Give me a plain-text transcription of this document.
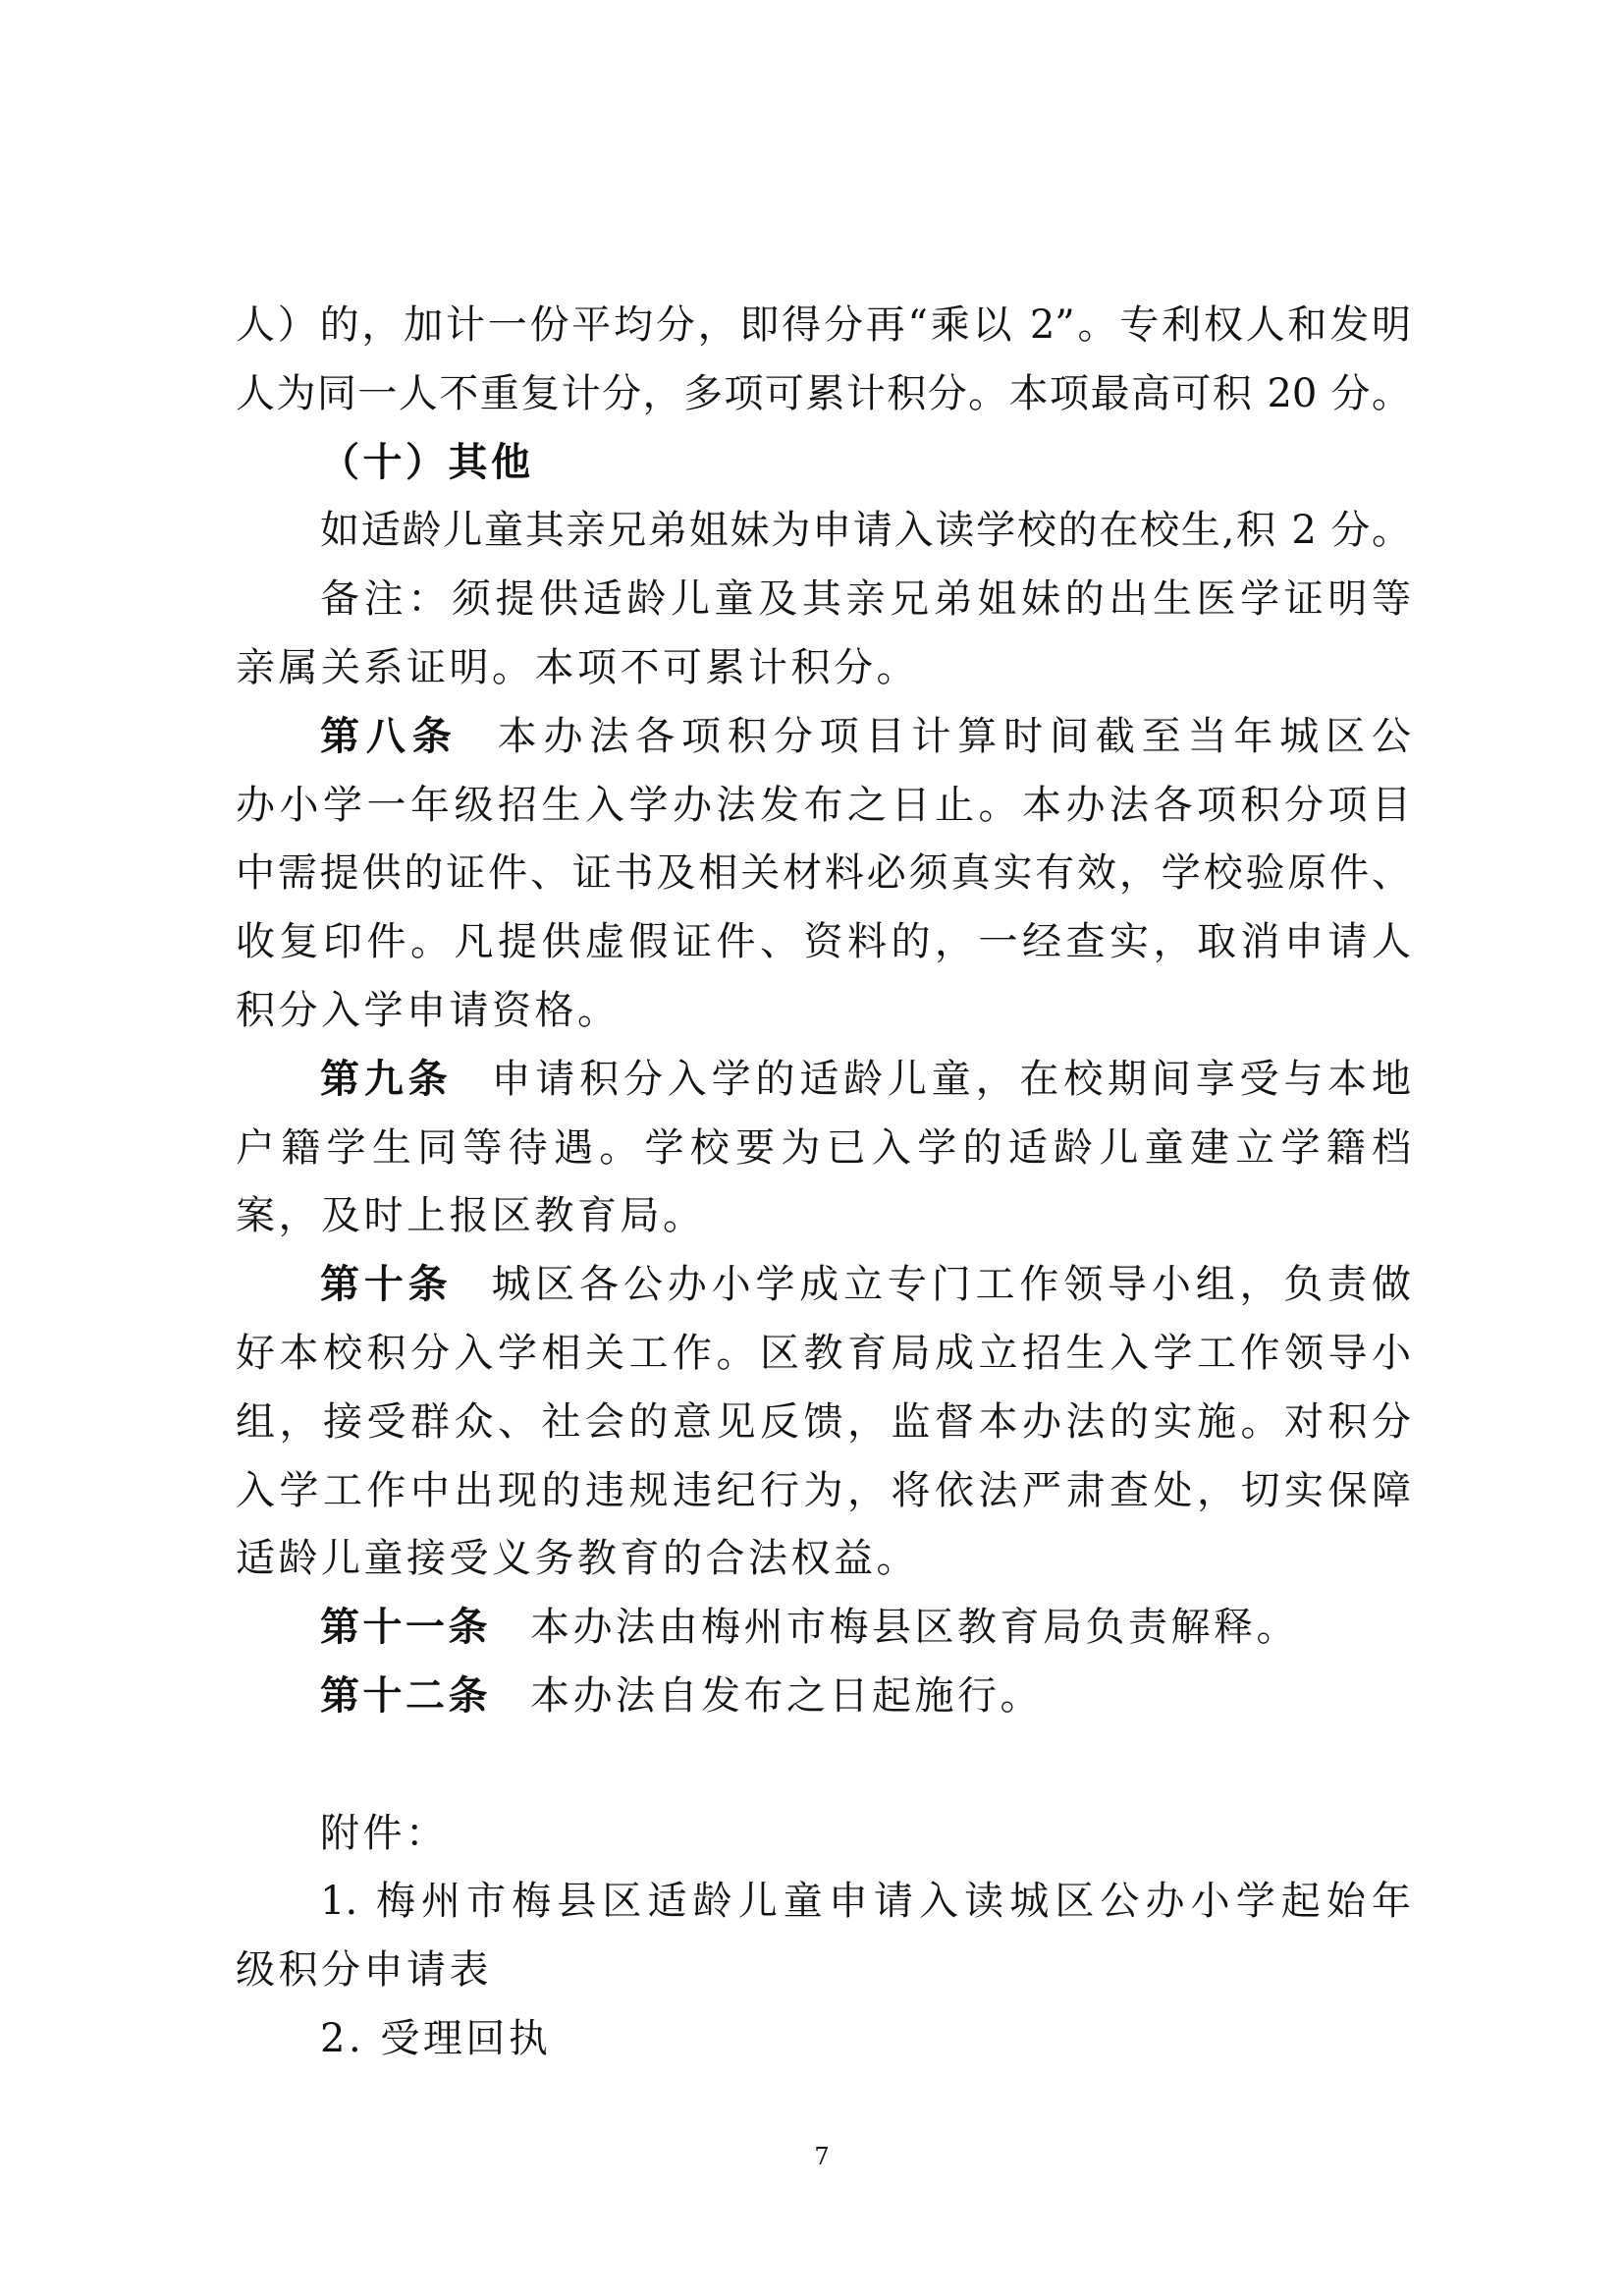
人）的，加计一份平均分，即得分再“乘以 2”。专利权人和发明
人为同一人不重复计分，多项可累计积分。本项最高可积 20 分。
（十）其他
如适龄儿童其亲兄弟姐妹为申请入读学校的在校生,积 2 分。
备注：须提供适龄儿童及其亲兄弟姐妹的出生医学证明等
亲属关系证明。本项不可累计积分。
第八条 本办法各项积分项目计算时间截至当年城区公
办小学一年级招生入学办法发布之日止。本办法各项积分项目
中需提供的证件、证书及相关材料必须真实有效，学校验原件、
收复印件。凡提供虚假证件、资料的，一经查实，取消申请人
积分入学申请资格。
第九条 申请积分入学的适龄儿童，在校期间享受与本地
户籍学生同等待遇。学校要为已入学的适龄儿童建立学籍档
案，及时上报区教育局。
第十条 城区各公办小学成立专门工作领导小组，负责做
好本校积分入学相关工作。区教育局成立招生入学工作领导小
组，接受群众、社会的意见反馈，监督本办法的实施。对积分
入学工作中出现的违规违纪行为，将依法严肃查处，切实保障
适龄儿童接受义务教育的合法权益。
第十一条 本办法由梅州市梅县区教育局负责解释。
第十二条 本办法自发布之日起施行。
附件：
1. 梅州市梅县区适龄儿童申请入读城区公办小学起始年
级积分申请表
2. 受理回执
7
